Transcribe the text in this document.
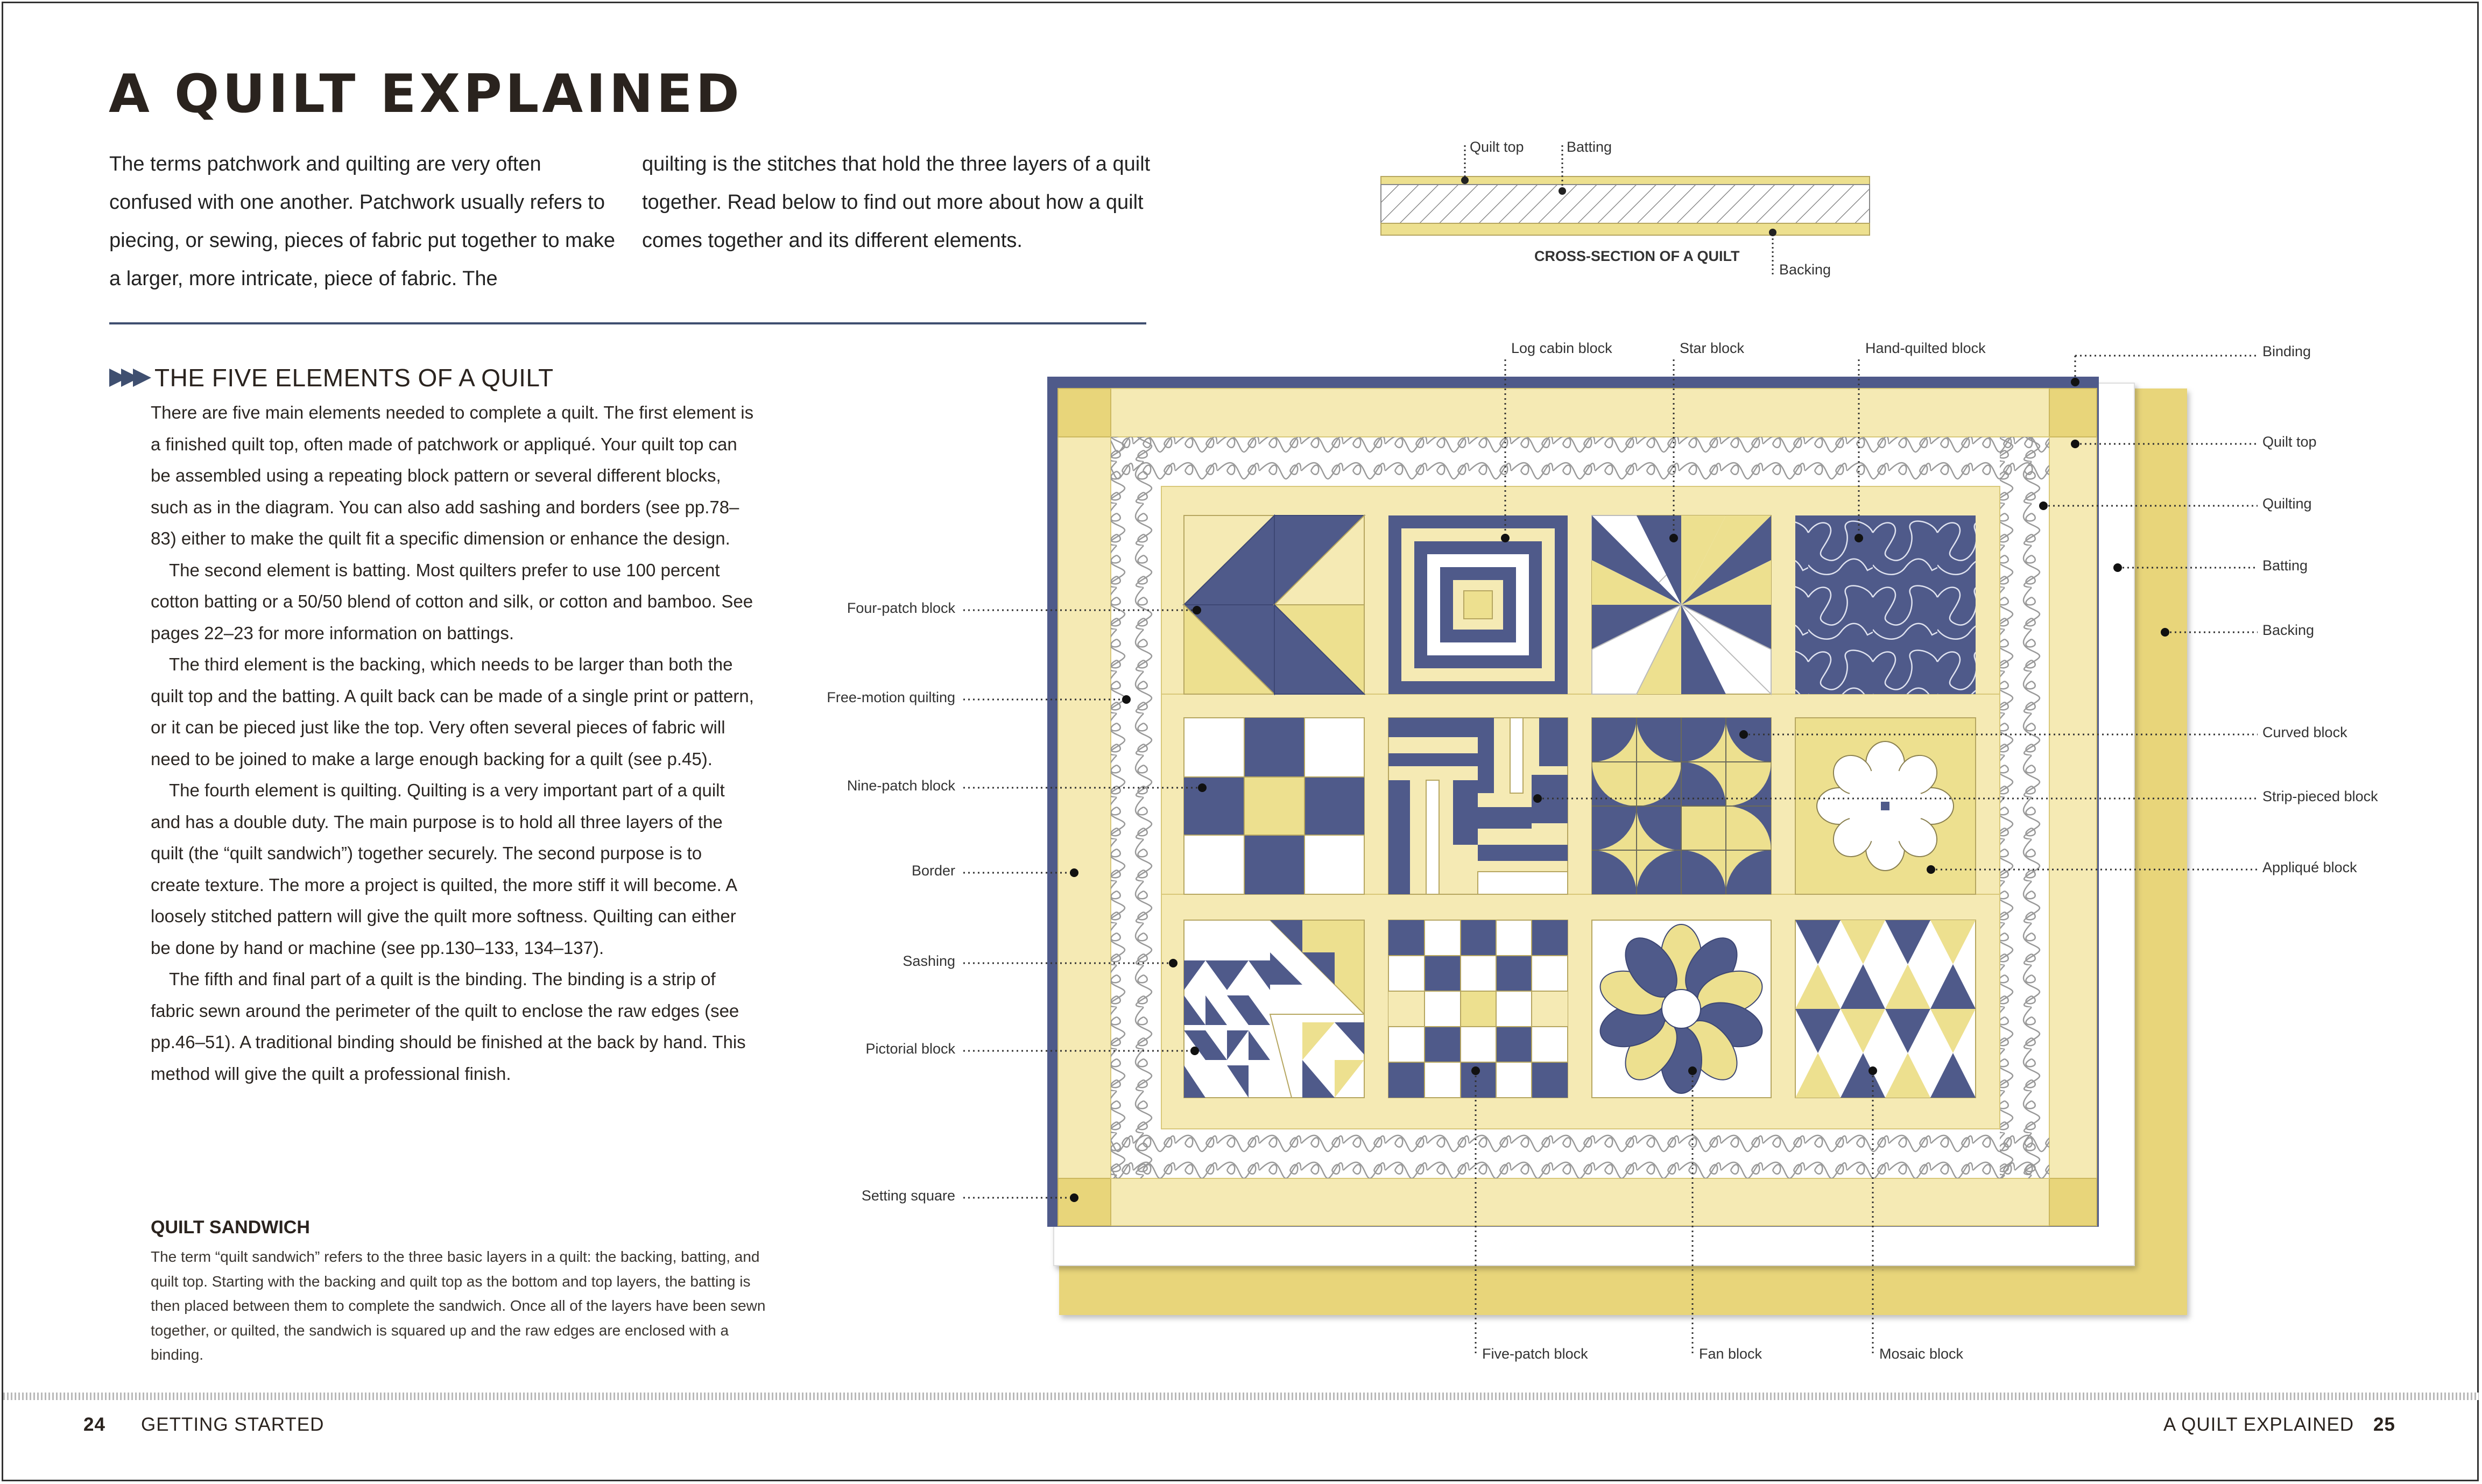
A QUILT EXPLAINED
The terms patchwork and quilting are very often confused with one another. Patchwork usually refers to piecing, or sewing, pieces of fabric put together to make a larger, more intricate, piece of fabric. The
quilting is the stitches that hold the three layers of a quilt together. Read below to find out more about how a quilt comes together and its different elements.
THE FIVE ELEMENTS OF A QUILT

There are five main elements needed to complete a quilt. The first element is a finished quilt top, often made of patchwork or appliqué. Your quilt top can be assembled using a repeating block pattern or several different blocks, such as in the diagram. You can also add sashing and borders (see pp.78–83) either to make the quilt fit a specific dimension or enhance the design.

The second element is batting. Most quilters prefer to use 100 percent cotton batting or a 50/50 blend of cotton and silk, or cotton and bamboo. See pages 22–23 for more information on battings.

The third element is the backing, which needs to be larger than both the quilt top and the batting. A quilt back can be made of a single print or pattern, or it can be pieced just like the top. Very often several pieces of fabric will need to be joined to make a large enough backing for a quilt (see p.45).

The fourth element is quilting. Quilting is a very important part of a quilt and has a double duty. The main purpose is to hold all three layers of the quilt (the “quilt sandwich”) together securely. The second purpose is to create texture. The more a project is quilted, the more stiff it will become. A loosely stitched pattern will give the quilt more softness. Quilting can either be done by hand or machine (see pp.130–133, 134–137).

The fifth and final part of a quilt is the binding. The binding is a strip of fabric sewn around the perimeter of the quilt to enclose the raw edges (see pp.46–51). A traditional binding should be finished at the back by hand. This method will give the quilt a professional finish.

QUILT SANDWICH
The term “quilt sandwich” refers to the three basic layers in a quilt: the backing, batting, and quilt top. Starting with the backing and quilt top as the bottom and top layers, the batting is then placed between them to complete the sandwich. Once all of the layers have been sewn together, or quilted, the sandwich is squared up and the raw edges are enclosed with a binding.
Quilt top	Batting
CROSS-SECTION OF A QUILT
Backing
Log cabin block	Star block	Hand-quilted block	Binding
Quilt top
Quilting
Batting
Backing
Curved block
Strip-pieced block
Appliqué block
Four-patch block
Free-motion quilting
Nine-patch block
Border
Sashing
Pictorial block
Setting square
Five-patch block	Fan block	Mosaic block
24 GETTING STARTED	A QUILT EXPLAINED 25
